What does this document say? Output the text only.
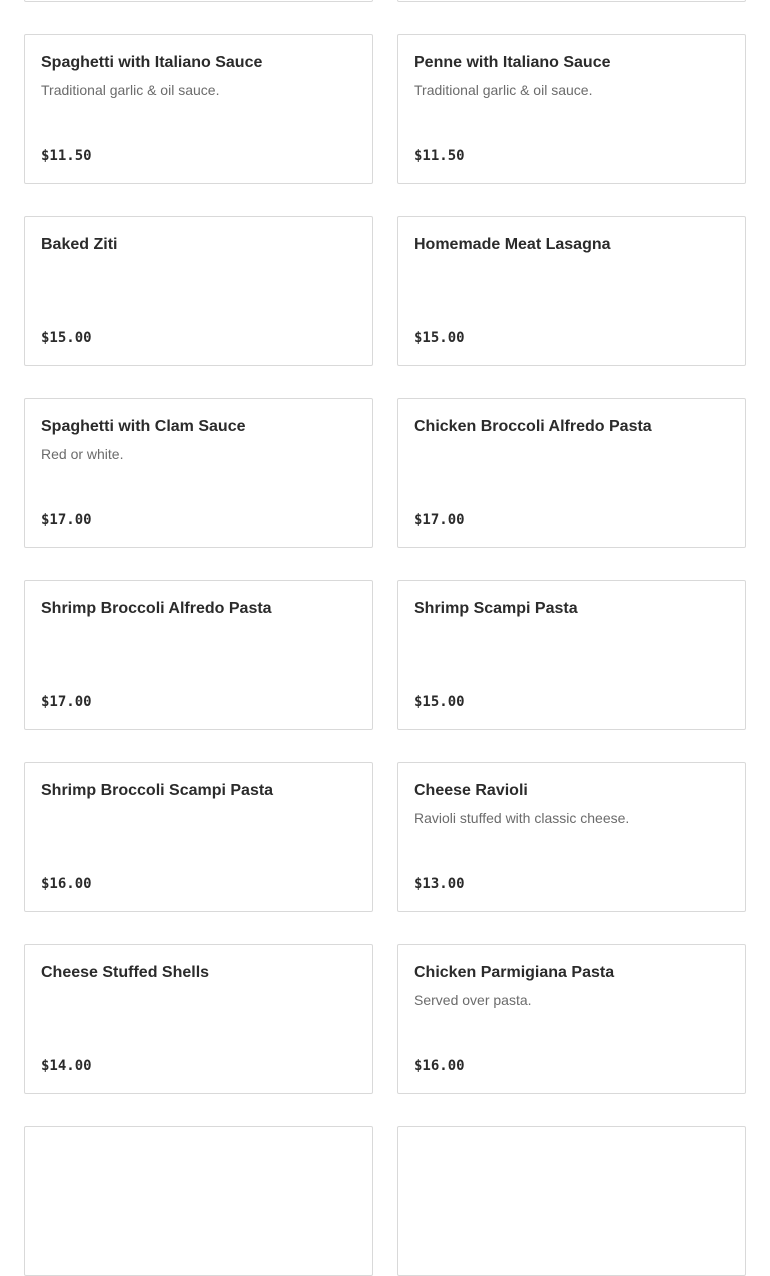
Spaghetti with Italiano Sauce
Traditional garlic & oil sauce.
$11.50
Penne with Italiano Sauce
Traditional garlic & oil sauce.
$11.50
Baked Ziti
$15.00
Homemade Meat Lasagna
$15.00
Spaghetti with Clam Sauce
Red or white.
$17.00
Chicken Broccoli Alfredo Pasta
$17.00
Shrimp Broccoli Alfredo Pasta
$17.00
Shrimp Scampi Pasta
$15.00
Shrimp Broccoli Scampi Pasta
$16.00
Cheese Ravioli
Ravioli stuffed with classic cheese.
$13.00
Cheese Stuffed Shells
$14.00
Chicken Parmigiana Pasta
Served over pasta.
$16.00
